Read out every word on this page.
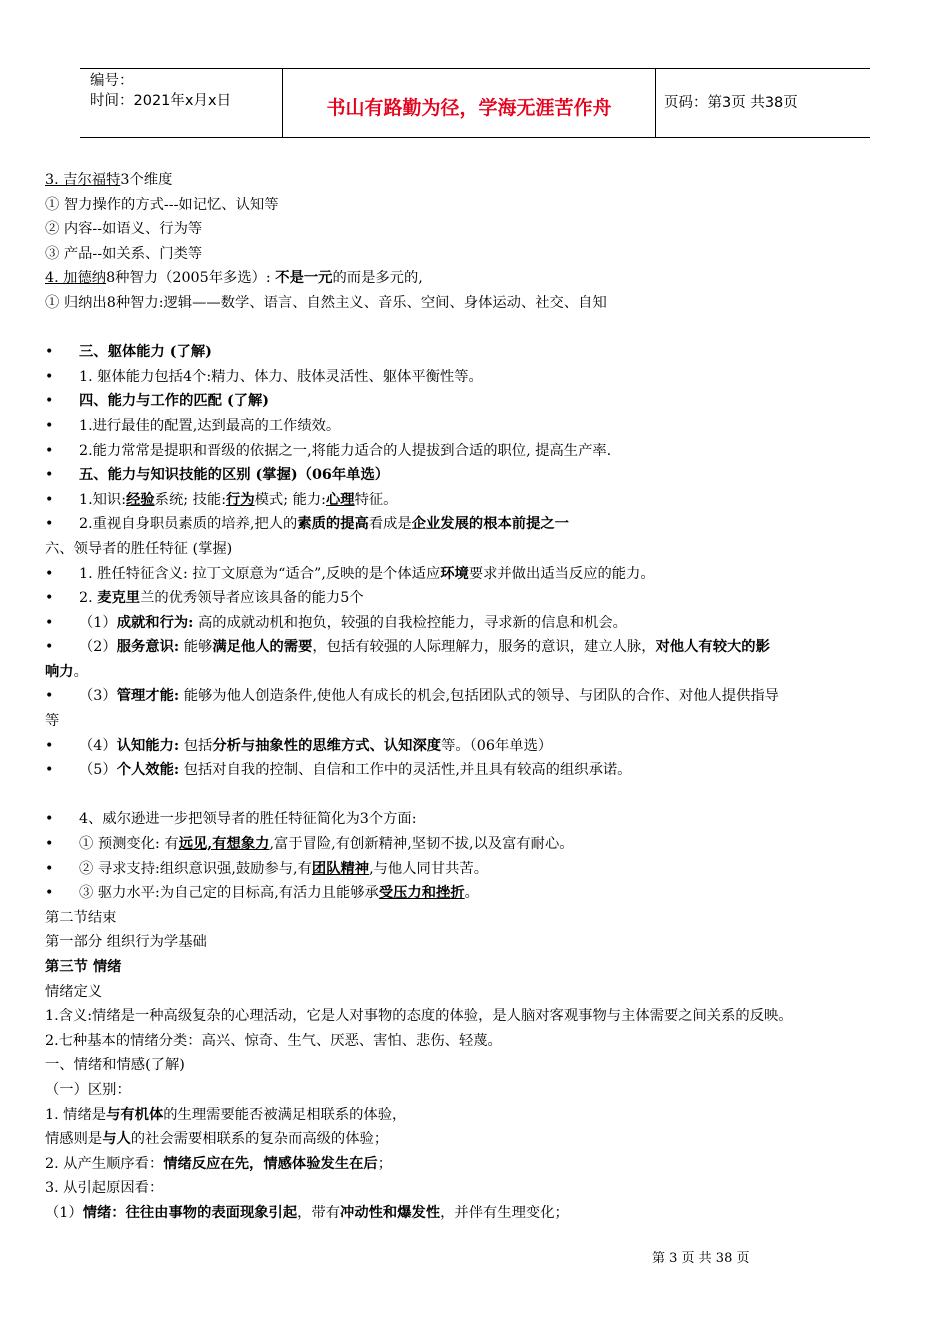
编号：
时间：2021年x月x日	书山有路勤为径，学海无涯苦作舟	页码：第3页 共38页
3. 吉尔福特3个维度
① 智力操作的方式---如记忆、认知等
② 内容--如语义、行为等
③ 产品--如关系、门类等
4. 加德纳8种智力（2005年多选）: 不是一元的而是多元的,
① 归纳出8种智力:逻辑——数学、语言、自然主义、音乐、空间、身体运动、社交、自知
• 三、躯体能力 (了解)
• 1. 躯体能力包括4个:精力、体力、肢体灵活性、躯体平衡性等。
• 四、能力与工作的匹配 (了解)
• 1.进行最佳的配置,达到最高的工作绩效。
• 2.能力常常是提职和晋级的依据之一,将能力适合的人提拔到合适的职位, 提高生产率.
• 五、能力与知识技能的区别 (掌握)（06年单选）
• 1.知识:经验系统; 技能:行为模式; 能力:心理特征。
• 2.重视自身职员素质的培养,把人的素质的提高看成是企业发展的根本前提之一
六、领导者的胜任特征 (掌握)
• 1. 胜任特征含义: 拉丁文原意为“适合”,反映的是个体适应环境要求并做出适当反应的能力。
• 2. 麦克里兰的优秀领导者应该具备的能力5个
• （1）成就和行为: 高的成就动机和抱负，较强的自我检控能力，寻求新的信息和机会。
• （2）服务意识: 能够满足他人的需要，包括有较强的人际理解力，服务的意识，建立人脉，对他人有较大的影
响力。
• （3）管理才能: 能够为他人创造条件,使他人有成长的机会,包括团队式的领导、与团队的合作、对他人提供指导
等
• （4）认知能力: 包括分析与抽象性的思维方式、认知深度等。（06年单选）
• （5）个人效能: 包括对自我的控制、自信和工作中的灵活性,并且具有较高的组织承诺。
• 4、威尔逊进一步把领导者的胜任特征简化为3个方面:
• ① 预测变化: 有远见,有想象力,富于冒险,有创新精神,坚韧不拔,以及富有耐心。
• ② 寻求支持:组织意识强,鼓励参与,有团队精神,与他人同甘共苦。
• ③ 驱力水平:为自己定的目标高,有活力且能够承受压力和挫折。
第二节结束
第一部分 组织行为学基础
第三节 情绪
情绪定义
1.含义:情绪是一种高级复杂的心理活动，它是人对事物的态度的体验，是人脑对客观事物与主体需要之间关系的反映。
2.七种基本的情绪分类：高兴、惊奇、生气、厌恶、害怕、悲伤、轻蔑。
一、情绪和情感(了解)
（一）区别：
1. 情绪是与有机体的生理需要能否被满足相联系的体验，
情感则是与人的社会需要相联系的复杂而高级的体验；
2. 从产生顺序看：情绪反应在先，情感体验发生在后；
3. 从引起原因看：
（1）情绪：往往由事物的表面现象引起，带有冲动性和爆发性，并伴有生理变化；
第 3 页 共 38 页
